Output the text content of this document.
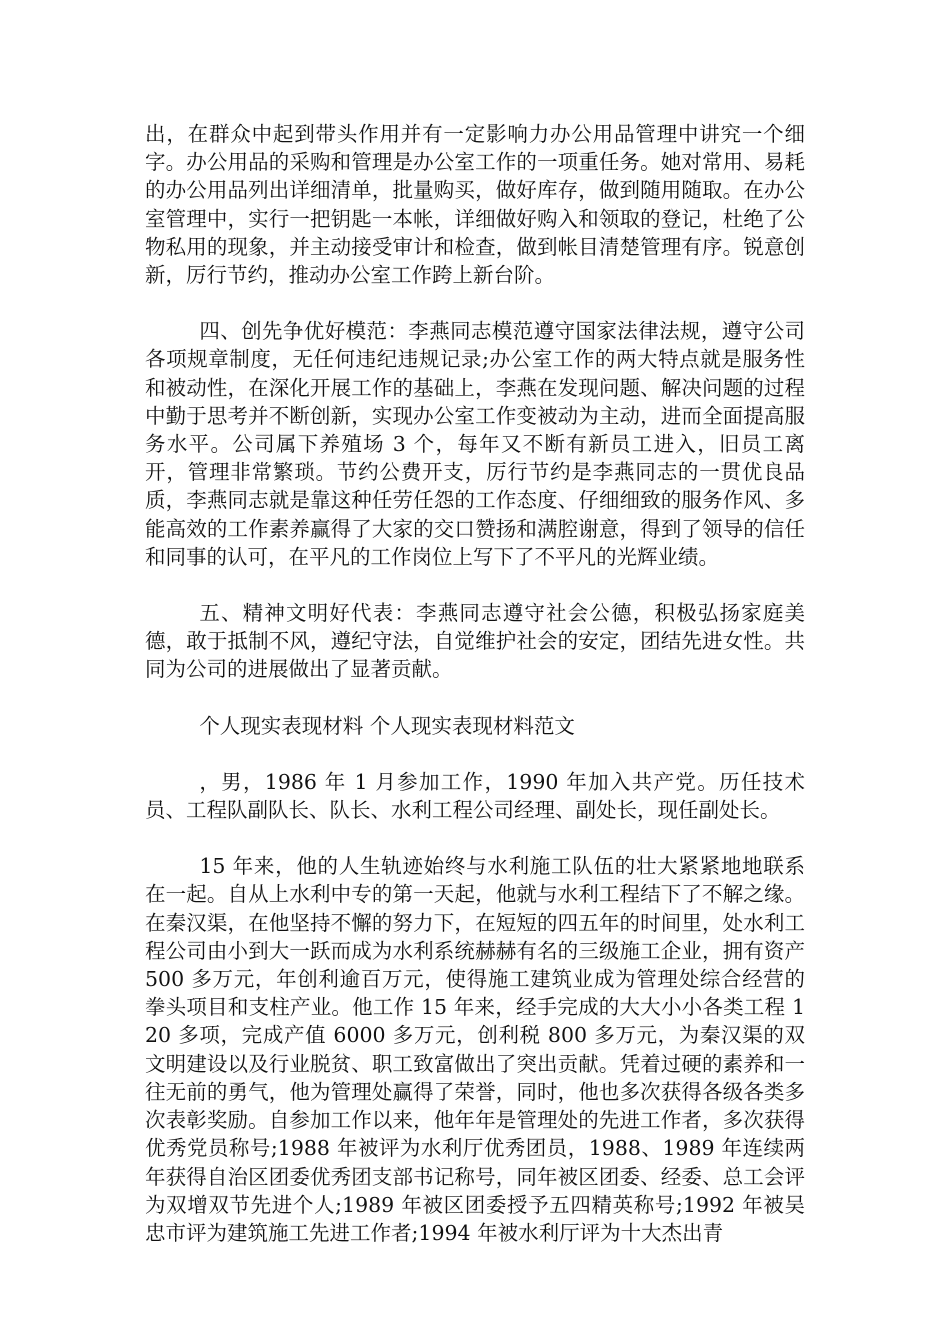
出，在群众中起到带头作用并有一定影响力办公用品管理中讲究一个细字。办公用品的采购和管理是办公室工作的一项重任务。她对常用、易耗的办公用品列出详细清单，批量购买，做好库存，做到随用随取。在办公室管理中，实行一把钥匙一本帐，详细做好购入和领取的登记，杜绝了公物私用的现象，并主动接受审计和检查，做到帐目清楚管理有序。锐意创新，厉行节约，推动办公室工作跨上新台阶。

四、创先争优好模范：李燕同志模范遵守国家法律法规，遵守公司各项规章制度，无任何违纪违规记录;办公室工作的两大特点就是服务性和被动性，在深化开展工作的基础上，李燕在发现问题、解决问题的过程中勤于思考并不断创新，实现办公室工作变被动为主动，进而全面提高服务水平。公司属下养殖场 3 个，每年又不断有新员工进入，旧员工离开，管理非常繁琐。节约公费开支，厉行节约是李燕同志的一贯优良品质，李燕同志就是靠这种任劳任怨的工作态度、仔细细致的服务作风、多能高效的工作素养赢得了大家的交口赞扬和满腔谢意，得到了领导的信任和同事的认可，在平凡的工作岗位上写下了不平凡的光辉业绩。

五、精神文明好代表：李燕同志遵守社会公德，积极弘扬家庭美德，敢于抵制不风，遵纪守法，自觉维护社会的安定，团结先进女性。共同为公司的进展做出了显著贡献。

个人现实表现材料 个人现实表现材料范文

，男，1986 年 1 月参加工作，1990 年加入共产党。历任技术员、工程队副队长、队长、水利工程公司经理、副处长，现任副处长。

15 年来，他的人生轨迹始终与水利施工队伍的壮大紧紧地地联系在一起。自从上水利中专的第一天起，他就与水利工程结下了不解之缘。在秦汉渠，在他坚持不懈的努力下，在短短的四五年的时间里，处水利工程公司由小到大一跃而成为水利系统赫赫有名的三级施工企业，拥有资产 500 多万元，年创利逾百万元，使得施工建筑业成为管理处综合经营的拳头项目和支柱产业。他工作 15 年来，经手完成的大大小小各类工程 120 多项，完成产值 6000 多万元，创利税 800 多万元，为秦汉渠的双文明建设以及行业脱贫、职工致富做出了突出贡献。凭着过硬的素养和一往无前的勇气，他为管理处赢得了荣誉，同时，他也多次获得各级各类多次表彰奖励。自参加工作以来，他年年是管理处的先进工作者，多次获得优秀党员称号;1988 年被评为水利厅优秀团员，1988、1989 年连续两年获得自治区团委优秀团支部书记称号，同年被区团委、经委、总工会评为双增双节先进个人;1989 年被区团委授予五四精英称号;1992 年被吴忠市评为建筑施工先进工作者;1994 年被水利厅评为十大杰出青
